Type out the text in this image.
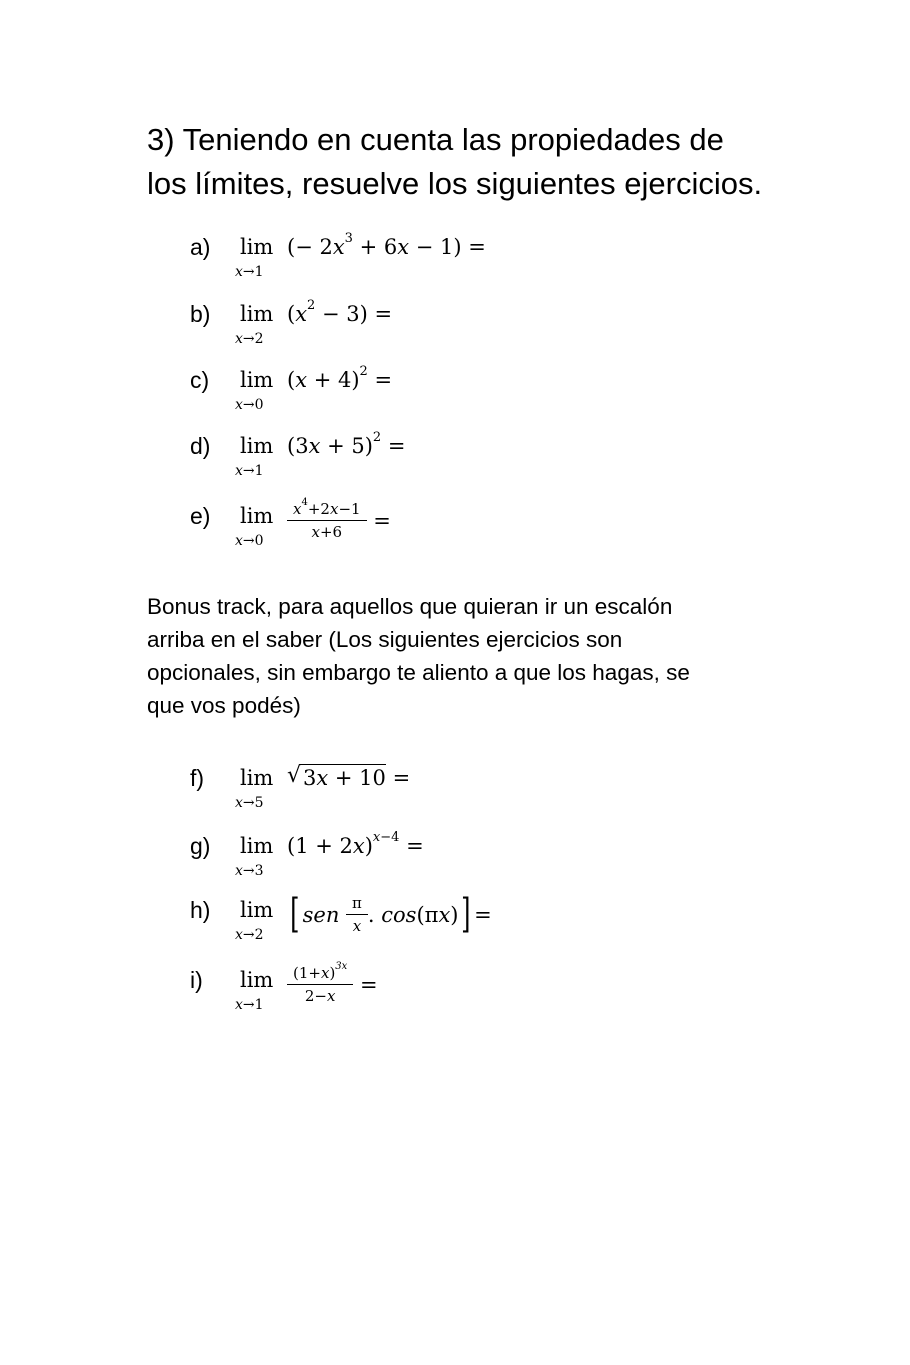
3) Teniendo en cuenta las propiedades de
los límites, resuelve los siguientes ejercicios.
a) lim
x→1
(− $2x^3 + 6x - 1$) =
b) lim
x→2
$(x^2 - 3)$ =
c) lim
x→0
$(x + 4)^2$ =
d) lim
x→1
$(3x + 5)^2$ =
e) lim
$x\to 0 \frac{x^4+2x-1}{x+6}$ =

Bonus track, para aquellos que quieran ir un escalón
arriba en el saber (Los siguientes ejercicios son
opcionales, sin embargo te aliento a que los hagas, se
que vos podés)

f) lim
x→5
√ 3x + 10 =
g) lim
x→3
$(1 + 2x)^{x-4}$ =
h) lim
x→2 [ sen $\frac{\pi}{x}$ . cos(πx)] =
i) lim
$x\to 1 \frac{(1+x)^{3x}}{2-x}$ =
